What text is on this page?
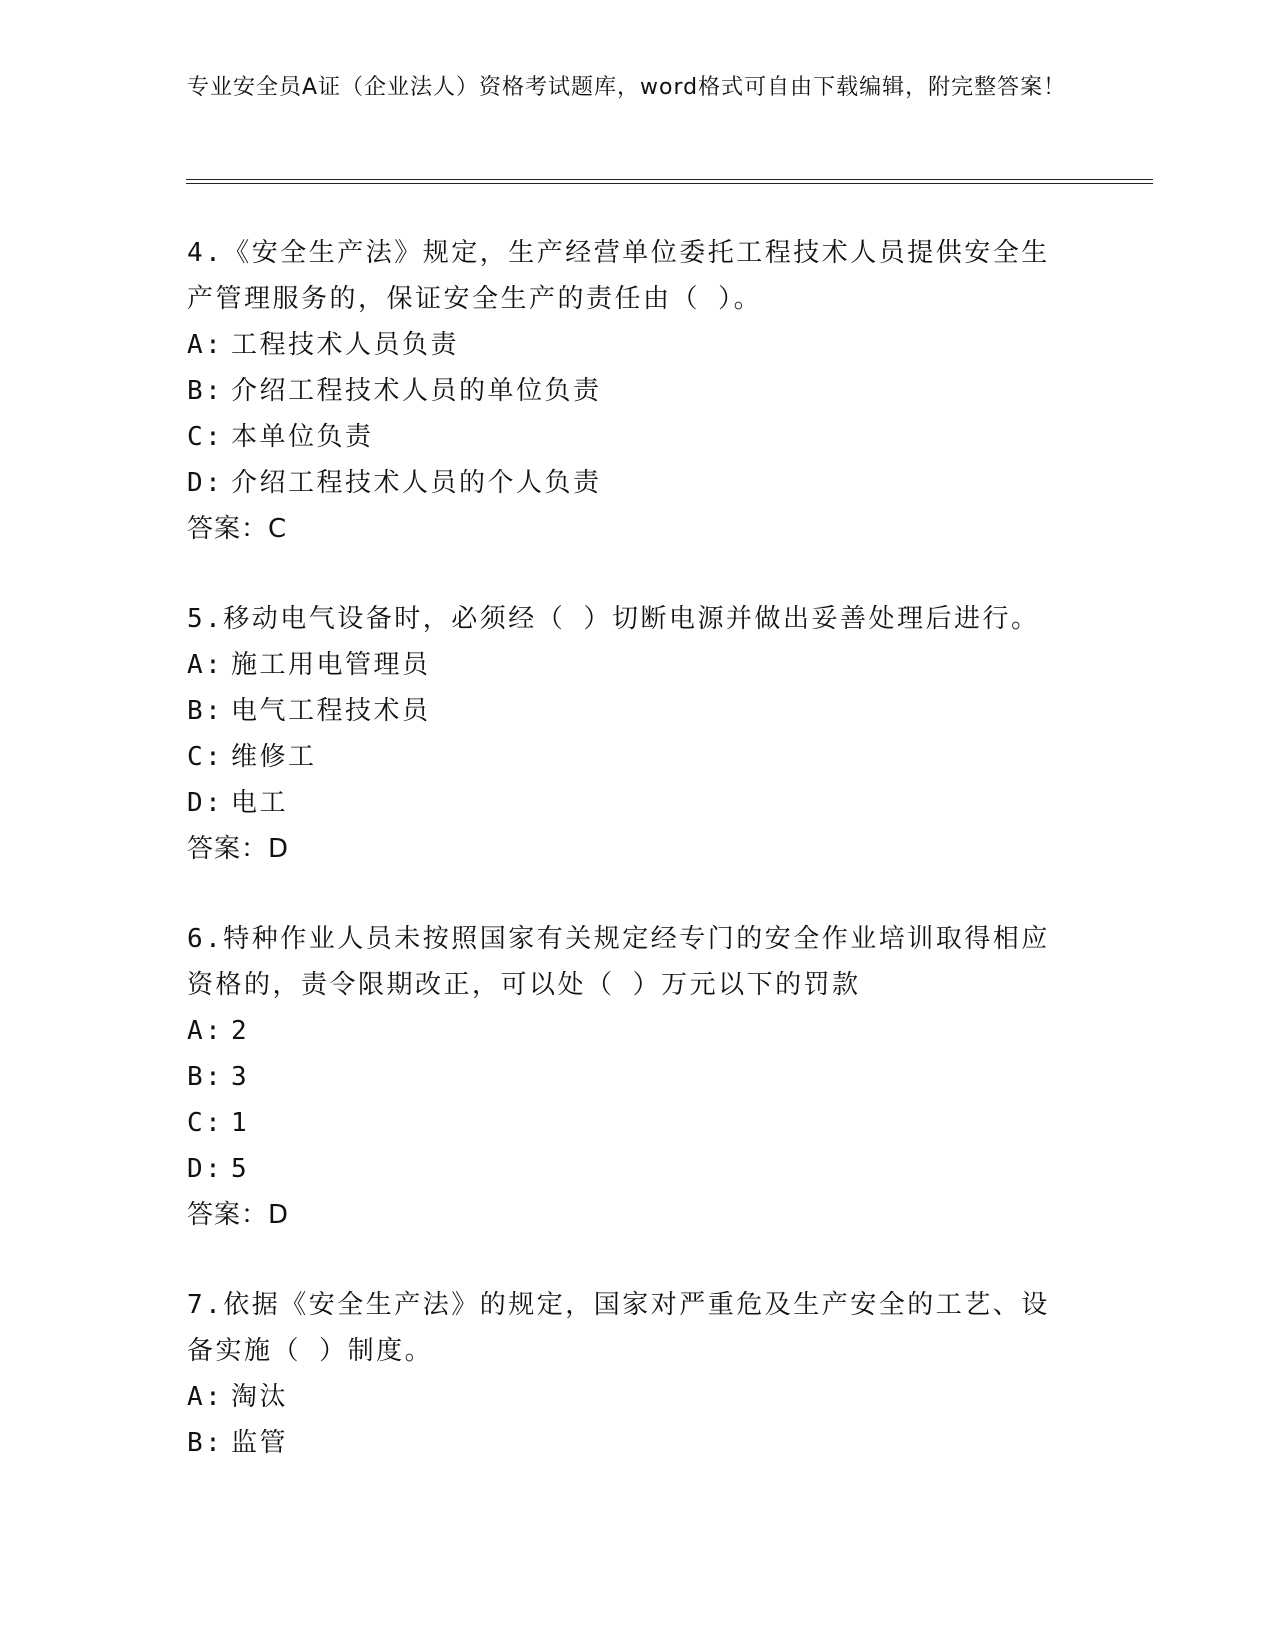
专业安全员A证（企业法人）资格考试题库，word格式可自由下载编辑，附完整答案！

4.《安全生产法》规定，生产经营单位委托工程技术人员提供安全生产管理服务的，保证安全生产的责任由（ ）。

A: 工程技术人员负责
B: 介绍工程技术人员的单位负责
C: 本单位负责
D: 介绍工程技术人员的个人负责
答案：C

5.移动电气设备时，必须经（ ）切断电源并做出妥善处理后进行。

A: 施工用电管理员
B: 电气工程技术员
C: 维修工
D: 电工
答案：D

6.特种作业人员未按照国家有关规定经专门的安全作业培训取得相应资格的，责令限期改正，可以处（ ）万元以下的罚款

A: 2
B: 3
C: 1
D: 5
答案：D

7.依据《安全生产法》的规定，国家对严重危及生产安全的工艺、设备实施（ ）制度。

A: 淘汰
B: 监管
